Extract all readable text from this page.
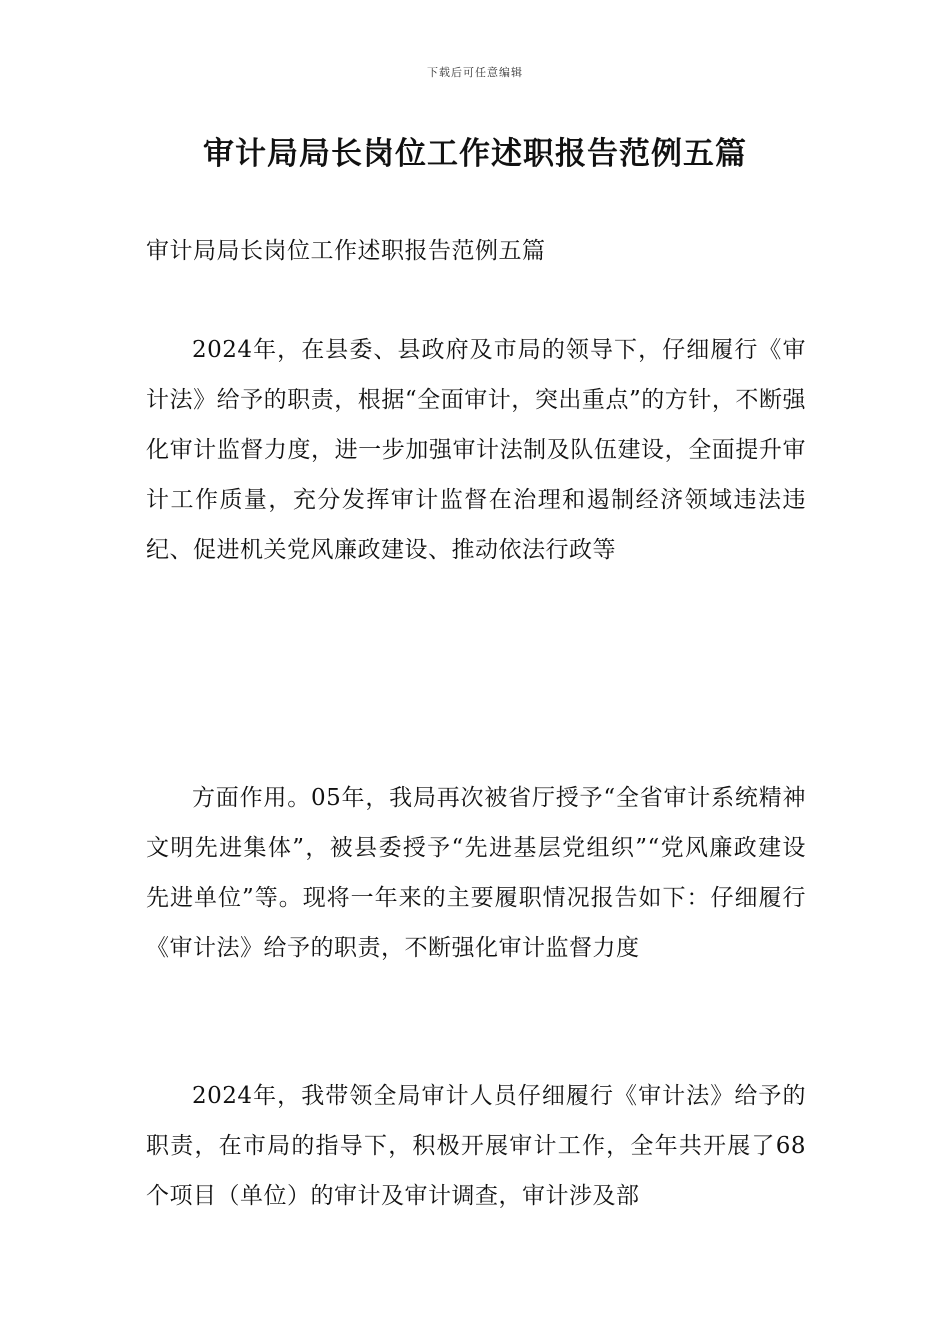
下载后可任意编辑
审计局局长岗位工作述职报告范例五篇

审计局局长岗位工作述职报告范例五篇

2024年，在县委、县政府及市局的领导下，仔细履行《审计法》给予的职责，根据“全面审计，突出重点”的方针，不断强化审计监督力度，进一步加强审计法制及队伍建设，全面提升审计工作质量，充分发挥审计监督在治理和遏制经济领域违法违纪、促进机关党风廉政建设、推动依法行政等

方面作用。05年，我局再次被省厅授予“全省审计系统精神文明先进集体”，被县委授予“先进基层党组织”“党风廉政建设先进单位”等。现将一年来的主要履职情况报告如下：仔细履行《审计法》给予的职责，不断强化审计监督力度

2024年，我带领全局审计人员仔细履行《审计法》给予的职责，在市局的指导下，积极开展审计工作，全年共开展了68个项目（单位）的审计及审计调查，审计涉及部
